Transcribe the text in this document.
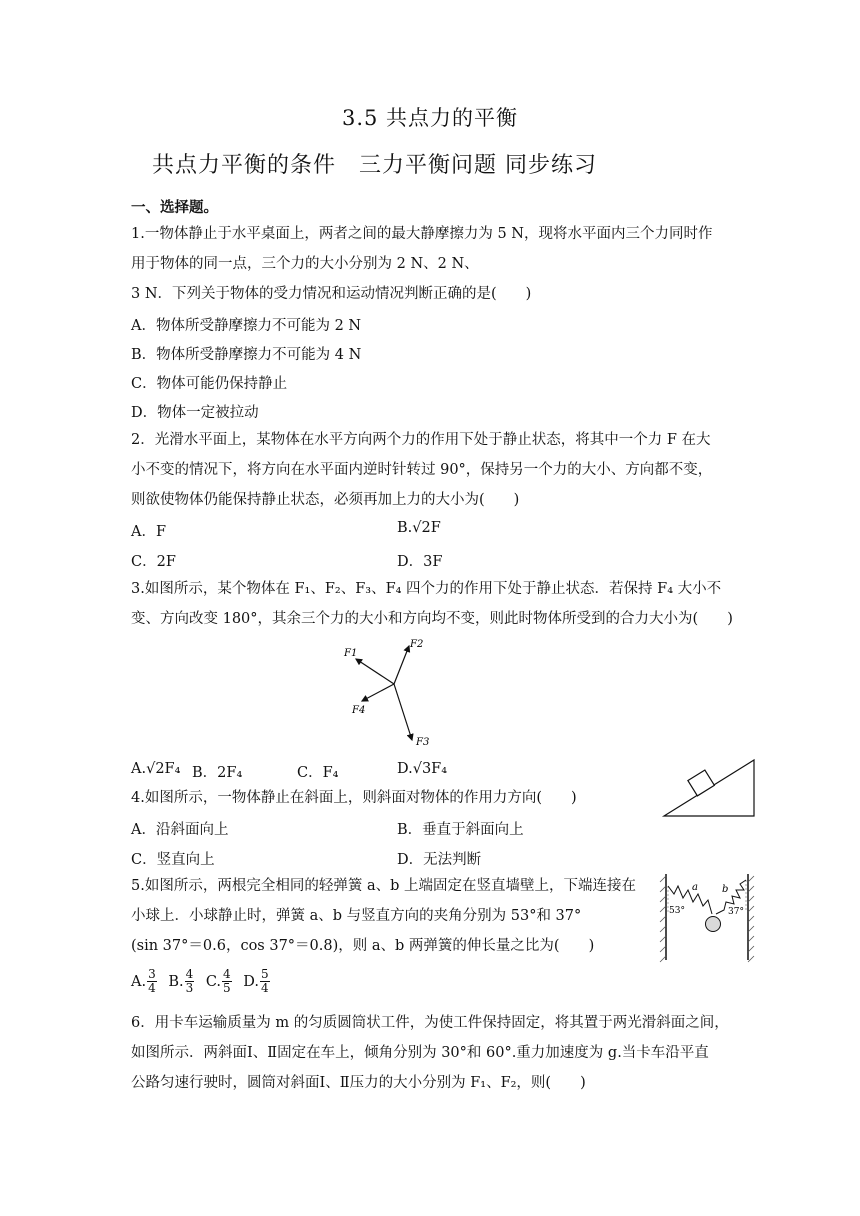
3.5 共点力的平衡
共点力平衡的条件　三力平衡问题 同步练习
一、选择题。
1.一物体静止于水平桌面上，两者之间的最大静摩擦力为 5 N，现将水平面内三个力同时作
用于物体的同一点，三个力的大小分别为 2 N、2 N、
3 N．下列关于物体的受力情况和运动情况判断正确的是(　　)
A．物体所受静摩擦力不可能为 2 N
B．物体所受静摩擦力不可能为 4 N
C．物体可能仍保持静止
D．物体一定被拉动
2．光滑水平面上，某物体在水平方向两个力的作用下处于静止状态，将其中一个力 F 在大
小不变的情况下，将方向在水平面内逆时针转过 90°，保持另一个力的大小、方向都不变，
则欲使物体仍能保持静止状态，必须再加上力的大小为(　　)
A．F	B.√2F
C．2F	D．3F
3.如图所示，某个物体在 F₁、F₂、F₃、F₄ 四个力的作用下处于静止状态．若保持 F₄ 大小不
变、方向改变 180°，其余三个力的大小和方向均不变，则此时物体所受到的合力大小为(　　)
F1
F2
F3
F4
A.√2F₄ B．2F₄	C．F₄	D.√3F₄
4.如图所示，一物体静止在斜面上，则斜面对物体的作用力方向(　　)
A．沿斜面向上	B．垂直于斜面向上
C．竖直向上	D．无法判断
5.如图所示，两根完全相同的轻弹簧 a、b 上端固定在竖直墙壁上，下端连接在
小球上．小球静止时，弹簧 a、b 与竖直方向的夹角分别为 53°和 37°
(sin 37°＝0.6，cos 37°＝0.8)，则 a、b 两弹簧的伸长量之比为(　　)
a b
53°	37°
A. $\frac{3}{4} B$. $\frac{4}{3} C$. $\frac{4}{5} D$. $\frac{5}{4}$
6．用卡车运输质量为 m 的匀质圆筒状工件，为使工件保持固定，将其置于两光滑斜面之间，
如图所示．两斜面Ⅰ、Ⅱ固定在车上，倾角分别为 30°和 60°.重力加速度为 g.当卡车沿平直
公路匀速行驶时，圆筒对斜面Ⅰ、Ⅱ压力的大小分别为 F₁、F₂，则(　　)
